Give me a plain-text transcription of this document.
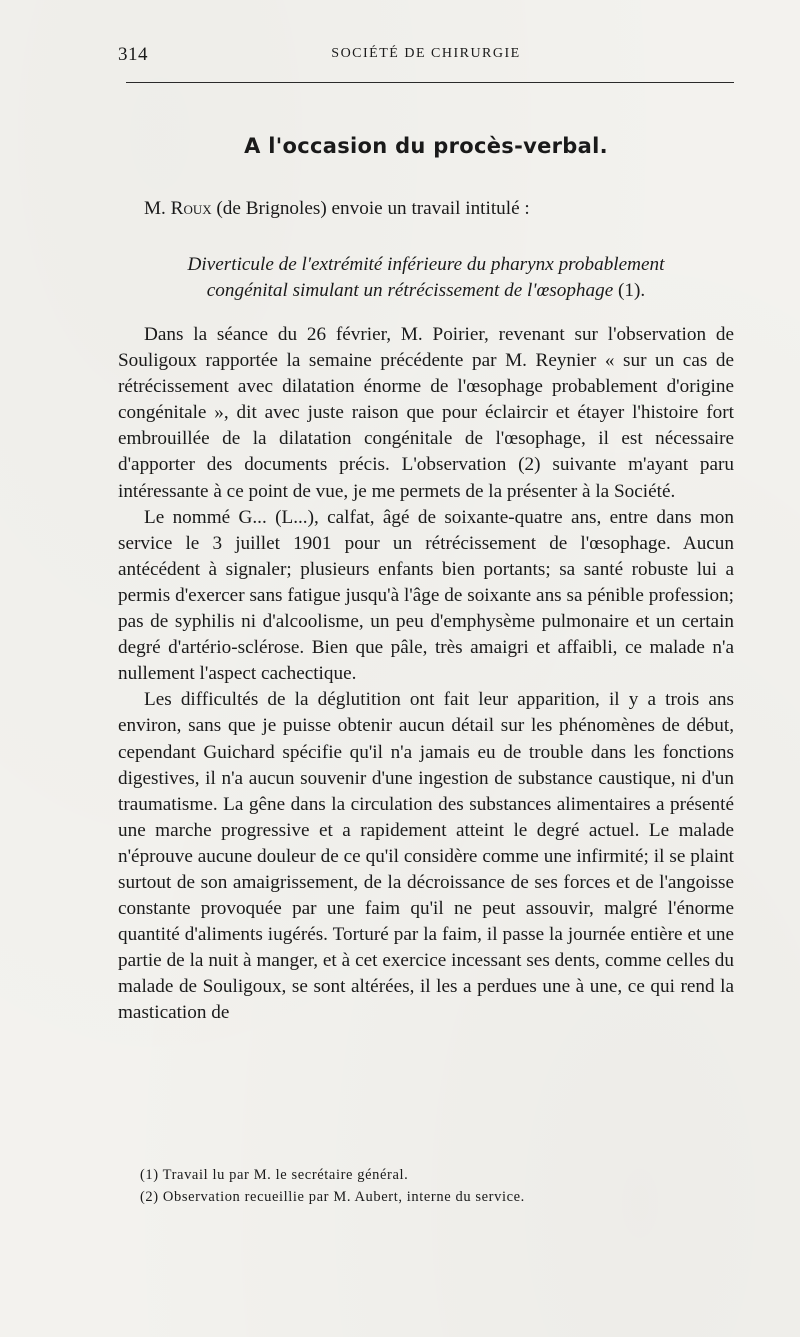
314	SOCIÉTÉ DE CHIRURGIE
A l'occasion du procès-verbal.

M. Roux (de Brignoles) envoie un travail intitulé :

Diverticule de l'extrémité inférieure du pharynx probablement
congénital simulant un rétrécissement de l'œsophage (1).

Dans la séance du 26 février, M. Poirier, revenant sur l'observation de Souligoux rapportée la semaine précédente par M. Reynier « sur un cas de rétrécissement avec dilatation énorme de l'œsophage probablement d'origine congénitale », dit avec juste raison que pour éclaircir et étayer l'histoire fort embrouillée de la dilatation congénitale de l'œsophage, il est nécessaire d'apporter des documents précis. L'observation (2) suivante m'ayant paru intéressante à ce point de vue, je me permets de la présenter à la Société.

Le nommé G... (L...), calfat, âgé de soixante-quatre ans, entre dans mon service le 3 juillet 1901 pour un rétrécissement de l'œsophage. Aucun antécédent à signaler; plusieurs enfants bien portants; sa santé robuste lui a permis d'exercer sans fatigue jusqu'à l'âge de soixante ans sa pénible profession; pas de syphilis ni d'alcoolisme, un peu d'emphysème pulmonaire et un certain degré d'artério-sclérose. Bien que pâle, très amaigri et affaibli, ce malade n'a nullement l'aspect cachectique.

Les difficultés de la déglutition ont fait leur apparition, il y a trois ans environ, sans que je puisse obtenir aucun détail sur les phénomènes de début, cependant Guichard spécifie qu'il n'a jamais eu de trouble dans les fonctions digestives, il n'a aucun souvenir d'une ingestion de substance caustique, ni d'un traumatisme. La gêne dans la circulation des substances alimentaires a présenté une marche progressive et a rapidement atteint le degré actuel. Le malade n'éprouve aucune douleur de ce qu'il considère comme une infirmité; il se plaint surtout de son amaigrissement, de la décroissance de ses forces et de l'angoisse constante provoquée par une faim qu'il ne peut assouvir, malgré l'énorme quantité d'aliments iugérés. Torturé par la faim, il passe la journée entière et une partie de la nuit à manger, et à cet exercice incessant ses dents, comme celles du malade de Souligoux, se sont altérées, il les a perdues une à une, ce qui rend la mastication de

(1) Travail lu par M. le secrétaire général.
(2) Observation recueillie par M. Aubert, interne du service.
